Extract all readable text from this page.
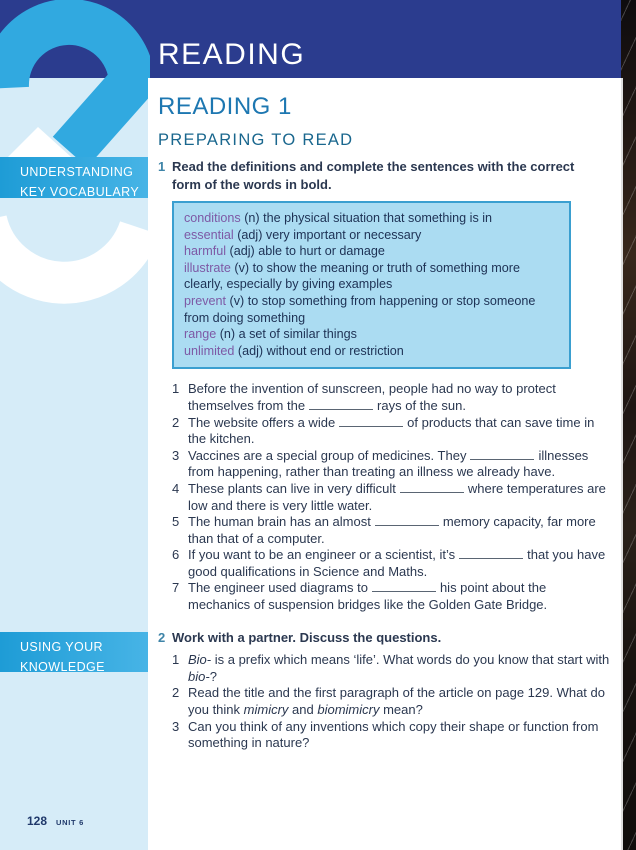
READING
UNDERSTANDING
KEY VOCABULARY
USING YOUR
KNOWLEDGE
128 UNIT 6
READING 1
PREPARING TO READ
1 Read the definitions and complete the sentences with the correct form of the words in bold.
conditions (n) the physical situation that something is in
essential (adj) very important or necessary
harmful (adj) able to hurt or damage
illustrate (v) to show the meaning or truth of something more clearly, especially by giving examples
prevent (v) to stop something from happening or stop someone from doing something
range (n) a set of similar things
unlimited (adj) without end or restriction
1 Before the invention of sunscreen, people had no way to protect themselves from the	rays of the sun.
2 The website offers a wide	of products that can save time in the kitchen.
3 Vaccines are a special group of medicines. They	illnesses from happening, rather than treating an illness we already have.
4 These plants can live in very difficult	where temperatures are low and there is very little water.
5 The human brain has an almost	memory capacity, far more than that of a computer.
6 If you want to be an engineer or a scientist, it’s	that you have good qualifications in Science and Maths.
7 The engineer used diagrams to	his point about the mechanics of suspension bridges like the Golden Gate Bridge.
2 Work with a partner. Discuss the questions.
1 Bio- is a prefix which means ‘life’. What words do you know that start with bio-?
2 Read the title and the first paragraph of the article on page 129. What do you think mimicry and biomimicry mean?
3 Can you think of any inventions which copy their shape or function from something in nature?
